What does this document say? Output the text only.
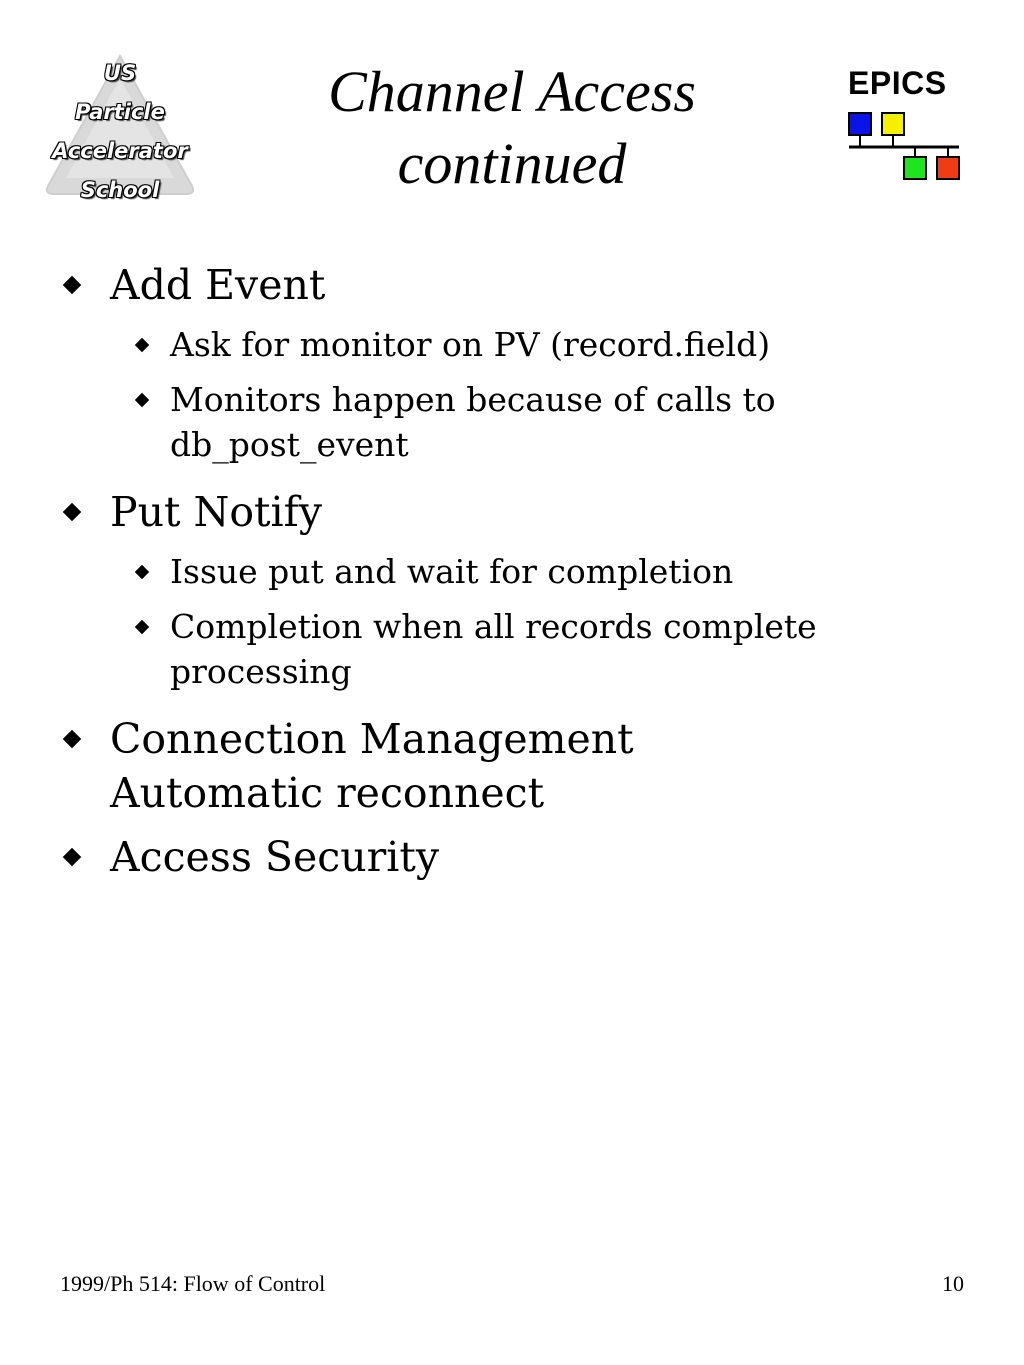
US
Particle
Accelerator
School
Channel Access
continued
EPICS
Add Event
Ask for monitor on PV (record.field)
Monitors happen because of calls to
db_post_event
Put Notify
Issue put and wait for completion
Completion when all records complete
processing
Connection Management
Automatic reconnect
Access Security
1999/Ph 514: Flow of Control	10
